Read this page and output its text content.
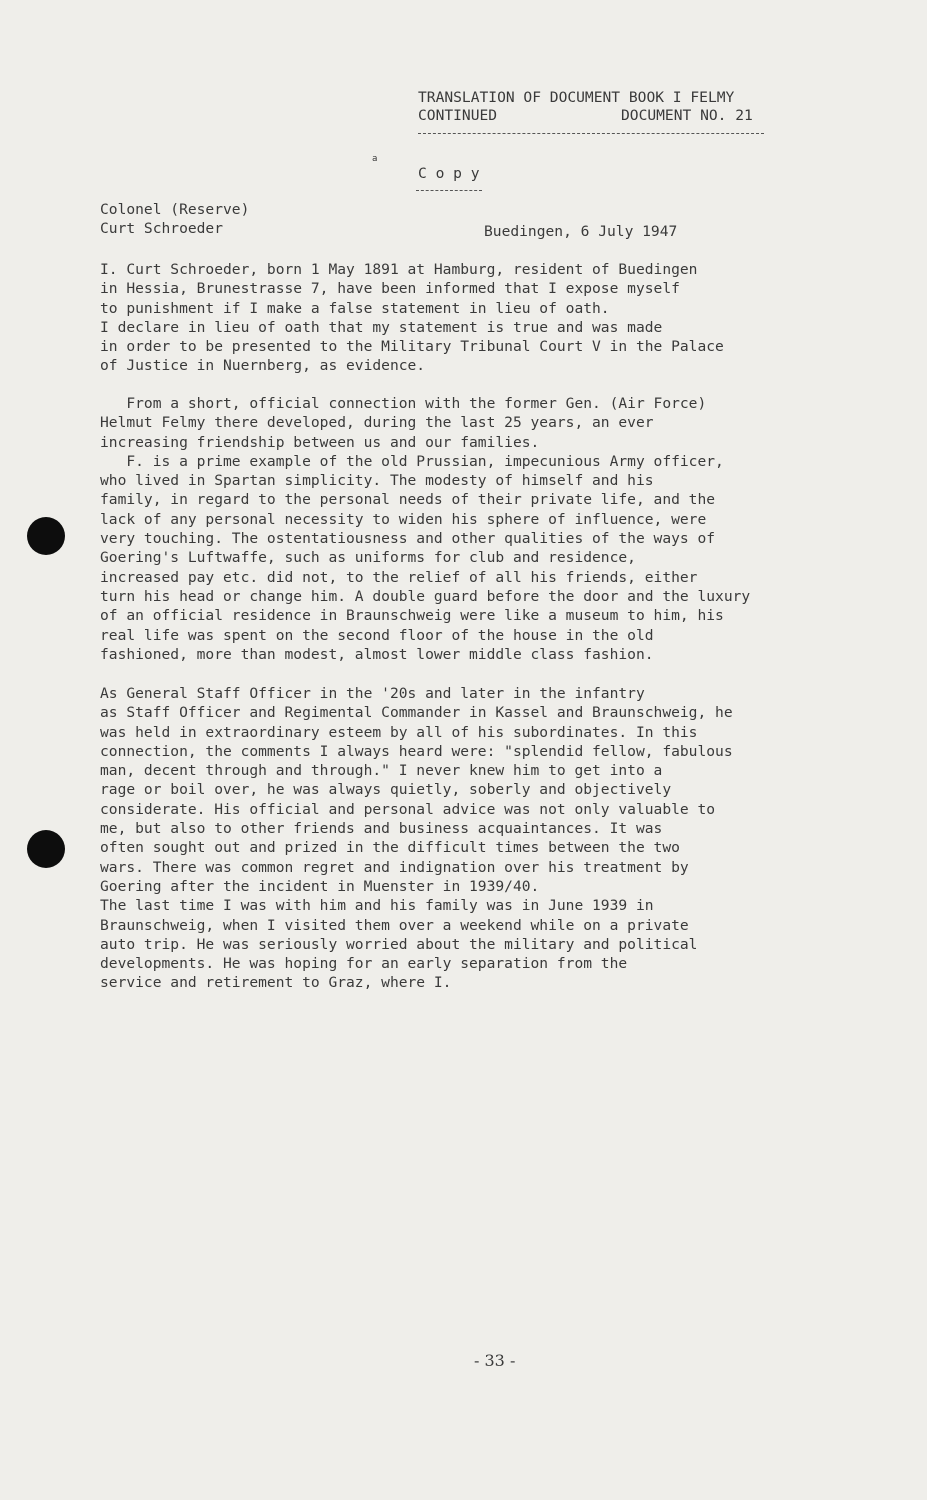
TRANSLATION OF DOCUMENT BOOK I FELMY
CONTINUED	DOCUMENT NO. 21
a
C o p y
Colonel (Reserve)
Curt Schroeder	Buedingen, 6 July 1947
I. Curt Schroeder, born 1 May 1891 at Hamburg, resident of Buedingen
in Hessia, Brunestrasse 7, have been informed that I expose myself
to punishment if I make a false statement in lieu of oath.
I declare in lieu of oath that my statement is true and was made
in order to be presented to the Military Tribunal Court V in the Palace
of Justice in Nuernberg, as evidence.
From a short, official connection with the former Gen. (Air Force)
Helmut Felmy there developed, during the last 25 years, an ever
increasing friendship between us and our families.
F. is a prime example of the old Prussian, impecunious Army officer,
who lived in Spartan simplicity. The modesty of himself and his
family, in regard to the personal needs of their private life, and the
lack of any personal necessity to widen his sphere of influence, were
very touching. The ostentatiousness and other qualities of the ways of
Goering's Luftwaffe, such as uniforms for club and residence,
increased pay etc. did not, to the relief of all his friends, either
turn his head or change him. A double guard before the door and the luxury
of an official residence in Braunschweig were like a museum to him, his
real life was spent on the second floor of the house in the old
fashioned, more than modest, almost lower middle class fashion.
As General Staff Officer in the '20s and later in the infantry
as Staff Officer and Regimental Commander in Kassel and Braunschweig, he
was held in extraordinary esteem by all of his subordinates. In this
connection, the comments I always heard were: "splendid fellow, fabulous
man, decent through and through." I never knew him to get into a
rage or boil over, he was always quietly, soberly and objectively
considerate. His official and personal advice was not only valuable to
me, but also to other friends and business acquaintances. It was
often sought out and prized in the difficult times between the two
wars. There was common regret and indignation over his treatment by
Goering after the incident in Muenster in 1939/40.
The last time I was with him and his family was in June 1939 in
Braunschweig, when I visited them over a weekend while on a private
auto trip. He was seriously worried about the military and political
developments. He was hoping for an early separation from the
service and retirement to Graz, where I.
- 33 -
